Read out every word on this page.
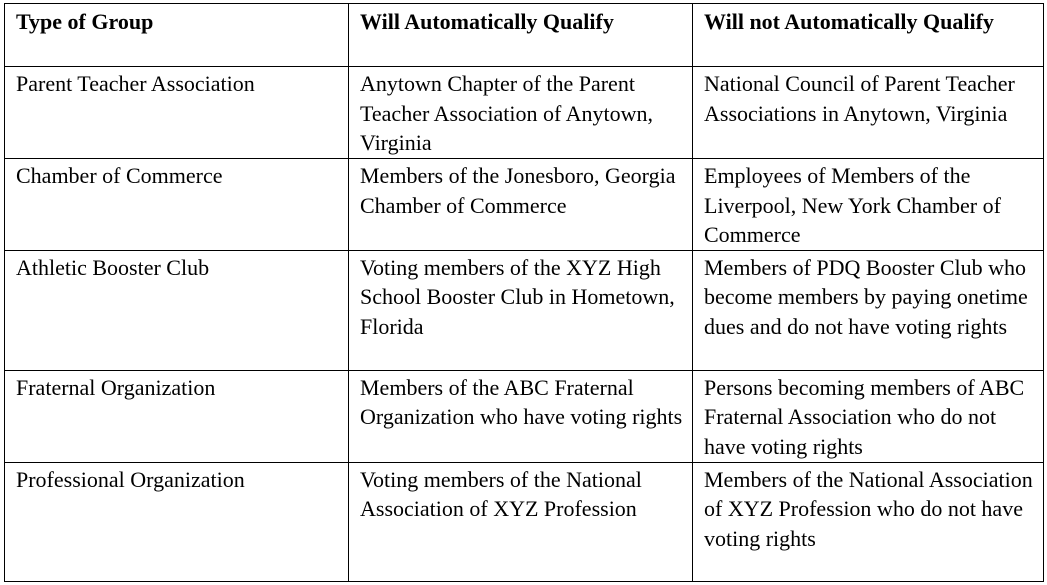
Type of Group	Will Automatically Qualify	Will not Automatically Qualify
Parent Teacher Association	Anytown Chapter of the Parent Teacher Association of Anytown, Virginia	National Council of Parent Teacher Associations in Anytown, Virginia
Chamber of Commerce	Members of the Jonesboro, Georgia Chamber of Commerce	Employees of Members of the Liverpool, New York Chamber of Commerce
Athletic Booster Club	Voting members of the XYZ High School Booster Club in Hometown, Florida	Members of PDQ Booster Club who become members by paying onetime dues and do not have voting rights
Fraternal Organization	Members of the ABC Fraternal Organization who have voting rights	Persons becoming members of ABC Fraternal Association who do not have voting rights
Professional Organization	Voting members of the National Association of XYZ Profession	Members of the National Association of XYZ Profession who do not have voting rights
